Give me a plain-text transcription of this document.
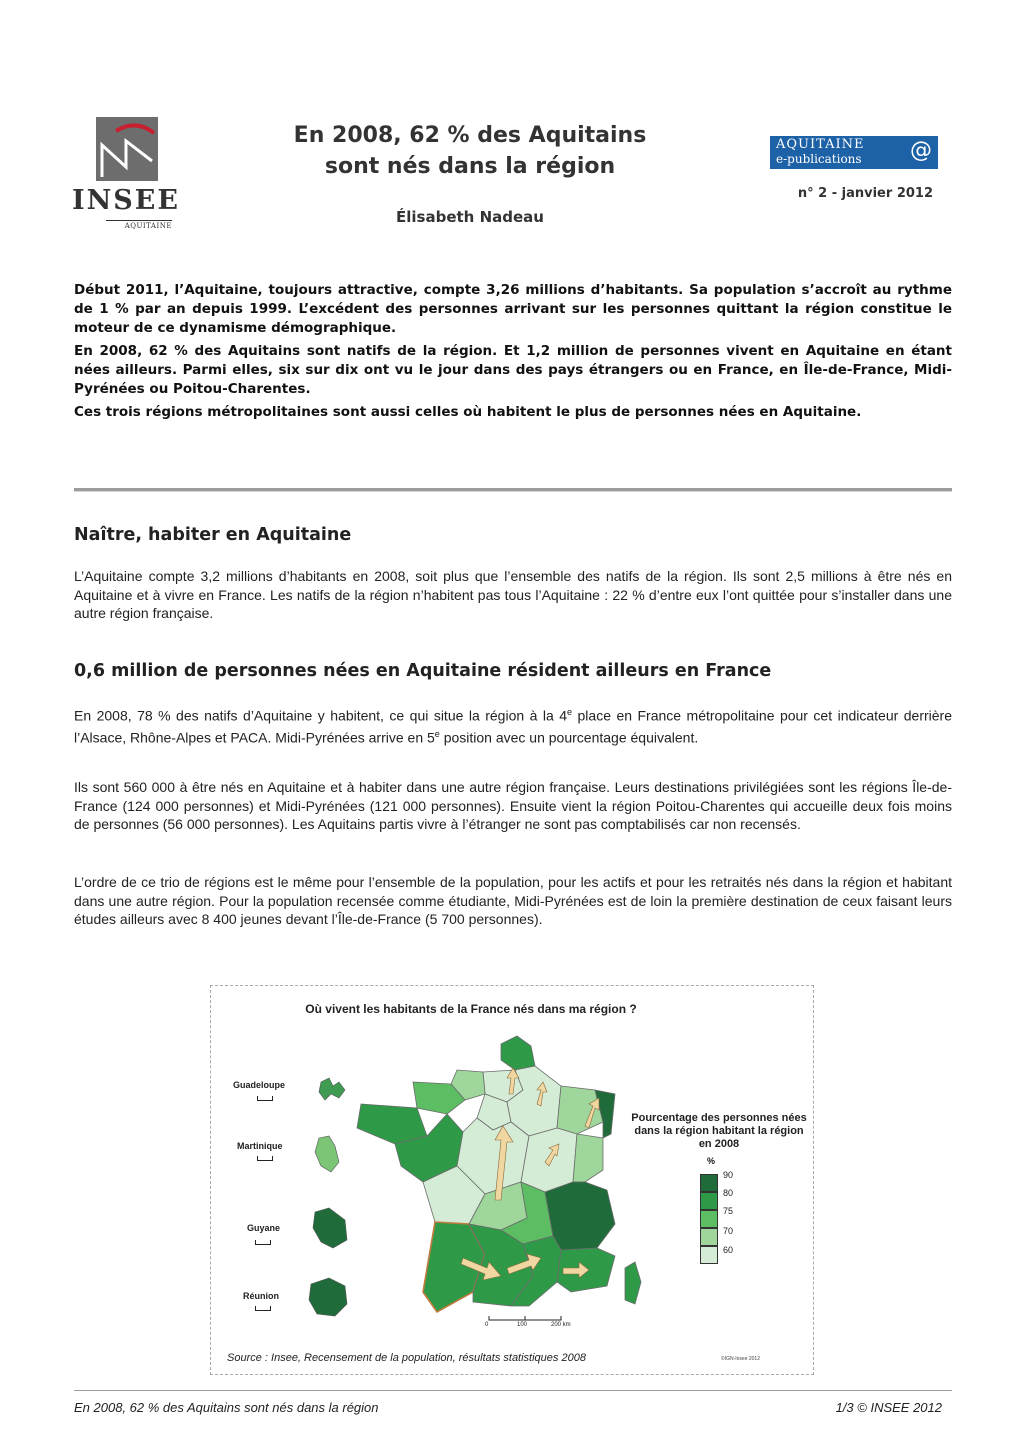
INSEE
AQUITAINE
En 2008, 62 % des Aquitains
sont nés dans la région
Élisabeth Nadeau
AQUITAINE
e-publications @
n° 2 - janvier 2012

Début 2011, l’Aquitaine, toujours attractive, compte 3,26 millions d’habitants. Sa population s’accroît au rythme de 1 % par an depuis 1999. L’excédent des personnes arrivant sur les personnes quittant la région constitue le moteur de ce dynamisme démographique.

En 2008, 62 % des Aquitains sont natifs de la région. Et 1,2 million de personnes vivent en Aquitaine en étant nées ailleurs. Parmi elles, six sur dix ont vu le jour dans des pays étrangers ou en France, en Île-de-France, Midi-Pyrénées ou Poitou-Charentes.

Ces trois régions métropolitaines sont aussi celles où habitent le plus de personnes nées en Aquitaine.

Naître, habiter en Aquitaine

L’Aquitaine compte 3,2 millions d’habitants en 2008, soit plus que l’ensemble des natifs de la région. Ils sont 2,5 millions à être nés en Aquitaine et à vivre en France. Les natifs de la région n’habitent pas tous l’Aquitaine : 22 % d’entre eux l’ont quittée pour s’installer dans une autre région française.

0,6 million de personnes nées en Aquitaine résident ailleurs en France

En 2008, 78 % des natifs d’Aquitaine y habitent, ce qui situe la région à la 4e place en France métropolitaine pour cet indicateur derrière l’Alsace, Rhône-Alpes et PACA. Midi-Pyrénées arrive en 5e position avec un pourcentage équivalent.

Ils sont 560 000 à être nés en Aquitaine et à habiter dans une autre région française. Leurs destinations privilégiées sont les régions Île-de-France (124 000 personnes) et Midi-Pyrénées (121 000 personnes). Ensuite vient la région Poitou-Charentes qui accueille deux fois moins de personnes (56 000 personnes). Les Aquitains partis vivre à l’étranger ne sont pas comptabilisés car non recensés.

L’ordre de ce trio de régions est le même pour l’ensemble de la population, pour les actifs et pour les retraités nés dans la région et habitant dans une autre région. Pour la population recensée comme étudiante, Midi-Pyrénées est de loin la première destination de ceux faisant leurs études ailleurs avec 8 400 jeunes devant l’Île-de-France (5 700 personnes).

Où vivent les habitants de la France nés dans ma région ?
Guadeloupe
Martinique
Guyane
Réunion
Pourcentage des personnes nées dans la région habitant la région en 2008
%
90
80
75
70
60
0	100	200 km
Source : Insee, Recensement de la population, résultats statistiques 2008	©IGN-Insee 2012
En 2008, 62 % des Aquitains sont nés dans la région	1/3 © INSEE 2012
